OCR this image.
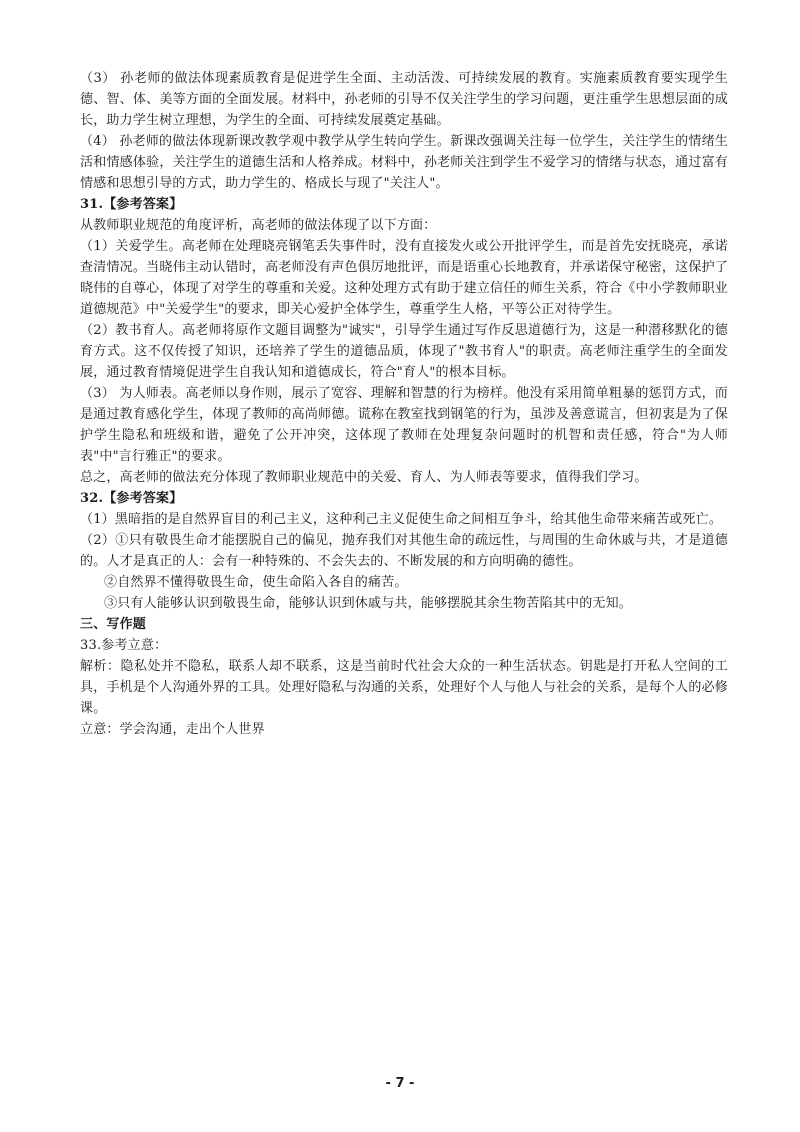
（3） 孙老师的做法体现素质教育是促进学生全面、主动活泼、可持续发展的教育。实施素质教育要实现学生德、智、体、美等方面的全面发展。材料中，孙老师的引导不仅关注学生的学习问题，更注重学生思想层面的成长，助力学生树立理想，为学生的全面、可持续发展奠定基础。

（4） 孙老师的做法体现新课改教学观中教学从学生转向学生。新课改强调关注每一位学生，关注学生的情绪生活和情感体验，关注学生的道德生活和人格养成。材料中，孙老师关注到学生不爱学习的情绪与状态，通过富有情感和思想引导的方式，助力学生的、格成长与现了"关注人"。

31.【参考答案】

从教师职业规范的角度评析，高老师的做法体现了以下方面：

（1）关爱学生。高老师在处理晓亮钢笔丢失事件时，没有直接发火或公开批评学生，而是首先安抚晓亮，承诺查清情况。当晓伟主动认错时，高老师没有声色俱厉地批评，而是语重心长地教育，并承诺保守秘密，这保护了晓伟的自尊心，体现了对学生的尊重和关爱。这种处理方式有助于建立信任的师生关系，符合《中小学教师职业道德规范》中"关爱学生"的要求，即关心爱护全体学生，尊重学生人格，平等公正对待学生。

（2）教书育人。高老师将原作文题目调整为"诚实"，引导学生通过写作反思道德行为，这是一种潜移默化的德育方式。这不仅传授了知识，还培养了学生的道德品质，体现了"教书育人"的职责。高老师注重学生的全面发展，通过教育情境促进学生自我认知和道德成长，符合"育人"的根本目标。

（3） 为人师表。高老师以身作则，展示了宽容、理解和智慧的行为榜样。他没有采用简单粗暴的惩罚方式，而是通过教育感化学生，体现了教师的高尚师德。谎称在教室找到钢笔的行为，虽涉及善意谎言，但初衷是为了保护学生隐私和班级和谐，避免了公开冲突，这体现了教师在处理复杂问题时的机智和责任感，符合"为人师表"中"言行雅正"的要求。

总之，高老师的做法充分体现了教师职业规范中的关爱、育人、为人师表等要求，值得我们学习。

32.【参考答案】

（1）黑暗指的是自然界盲目的利己主义，这种利己主义促使生命之间相互争斗，给其他生命带来痛苦或死亡。

（2）①只有敬畏生命才能摆脱自己的偏见，抛弃我们对其他生命的疏远性，与周围的生命休戚与共，才是道德的。人才是真正的人：会有一种特殊的、不会失去的、不断发展的和方向明确的德性。

②自然界不懂得敬畏生命，使生命陷入各自的痛苦。

③只有人能够认识到敬畏生命，能够认识到休戚与共，能够摆脱其余生物苦陷其中的无知。

三、写作题

33.参考立意：

解析：隐私处并不隐私，联系人却不联系，这是当前时代社会大众的一种生活状态。钥匙是打开私人空间的工具，手机是个人沟通外界的工具。处理好隐私与沟通的关系，处理好个人与他人与社会的关系，是每个人的必修课。

立意：学会沟通，走出个人世界

- 7 -
